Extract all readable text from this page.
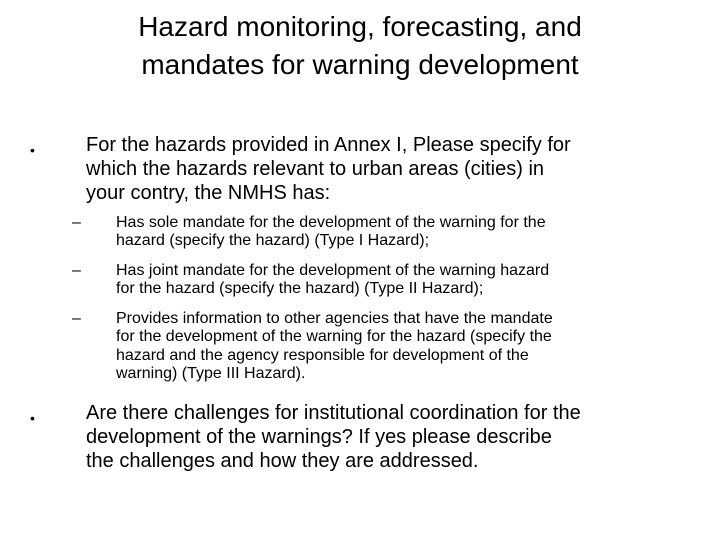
Hazard monitoring, forecasting, and
mandates for warning development
•	For the hazards provided in Annex I, Please specify for
which the hazards relevant to urban areas (cities) in
your contry, the NMHS has:
– Has sole mandate for the development of the warning for the
hazard (specify the hazard) (Type I Hazard);
– Has joint mandate for the development of the warning hazard
for the hazard (specify the hazard) (Type II Hazard);
– Provides information to other agencies that have the mandate
for the development of the warning for the hazard (specify the
hazard and the agency responsible for development of the
warning) (Type III Hazard).
•	Are there challenges for institutional coordination for the
development of the warnings? If yes please describe
the challenges and how they are addressed.
